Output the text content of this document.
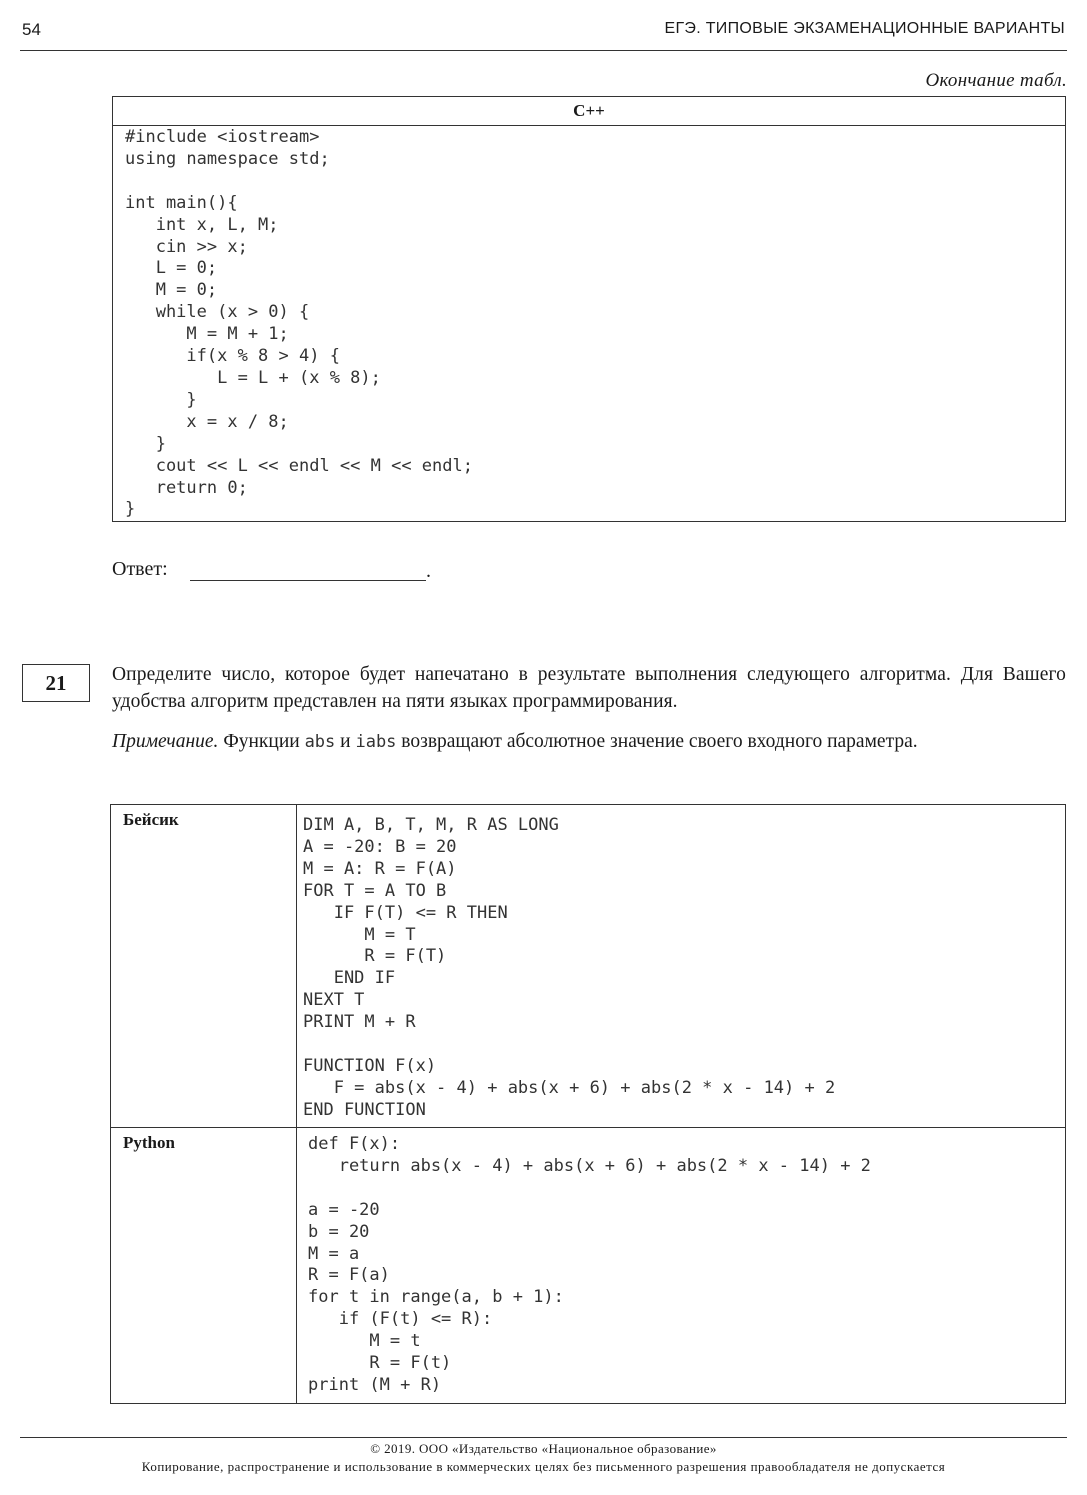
54	ЕГЭ. ТИПОВЫЕ ЭКЗАМЕНАЦИОННЫЕ ВАРИАНТЫ
Окончание табл.
C++
#include <iostream>
using namespace std;

int main(){
int x, L, M;
cin >> x;
L = 0;
M = 0;
while (x > 0) {
M = M + 1;
if(x % 8 > 4) {
L = L + (x % 8);
}
x = x / 8;
}
cout << L << endl << M << endl;
return 0;
}
Ответ:	.
21	Определите число, которое будет напечатано в результате выполнения следующего алгоритма. Для Вашего удобства алгоритм представлен на пяти языках программирования.
Примечание. Функции abs и iabs возвращают абсолютное значение своего входного параметра.
Бейсик	DIM A, B, T, M, R AS LONG
A = -20: B = 20
M = A: R = F(A)
FOR T = A TO B
IF F(T) <= R THEN
M = T
R = F(T)
END IF
NEXT T
PRINT M + R

FUNCTION F(x)
F = abs(x - 4) + abs(x + 6) + abs(2 * x - 14) + 2
END FUNCTION
Python	def F(x):
return abs(x - 4) + abs(x + 6) + abs(2 * x - 14) + 2

a = -20
b = 20
M = a
R = F(a)
for t in range(a, b + 1):
if (F(t) <= R):
M = t
R = F(t)
print (M + R)
© 2019. ООО «Издательство «Национальное образование»
Копирование, распространение и использование в коммерческих целях без письменного разрешения правообладателя не допускается
